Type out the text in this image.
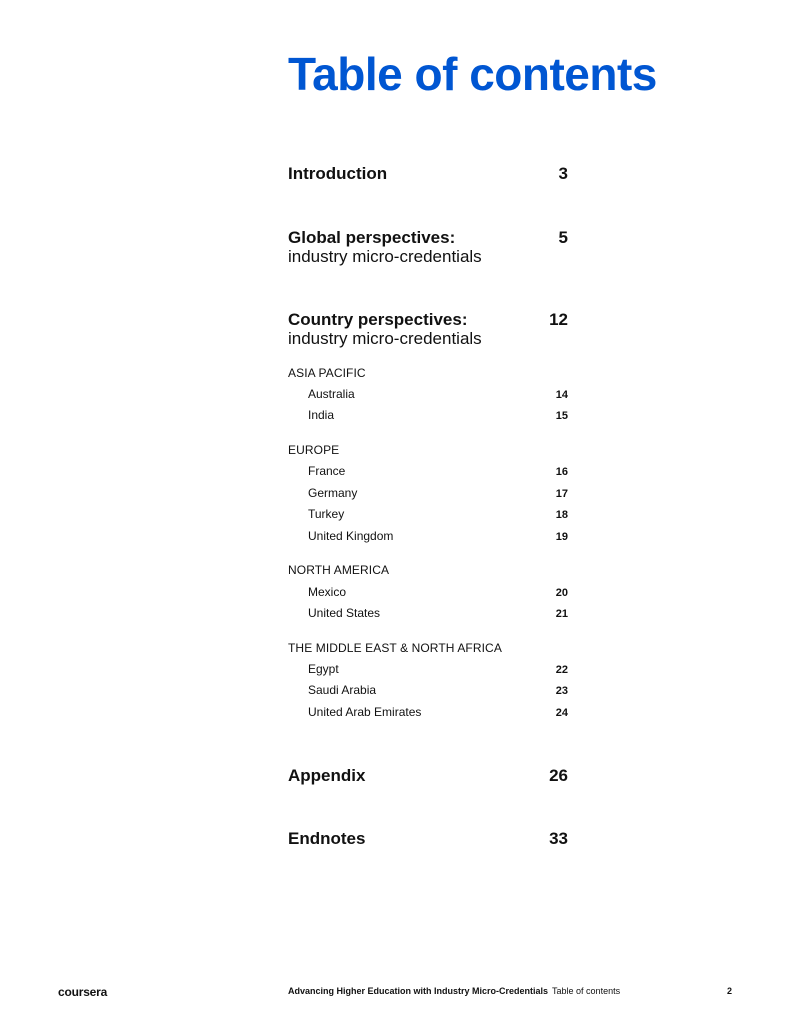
Table of contents
Introduction	3
Global perspectives:	5
industry micro-credentials
Country perspectives:	12
industry micro-credentials
ASIA PACIFIC
Australia	14
India	15
EUROPE
France	16
Germany	17
Turkey	18
United Kingdom	19
NORTH AMERICA
Mexico	20
United States	21
THE MIDDLE EAST & NORTH AFRICA
Egypt	22
Saudi Arabia	23
United Arab Emirates	24
Appendix	26
Endnotes	33
coursera	Advancing Higher Education with Industry Micro-Credentials Table of contents	2
